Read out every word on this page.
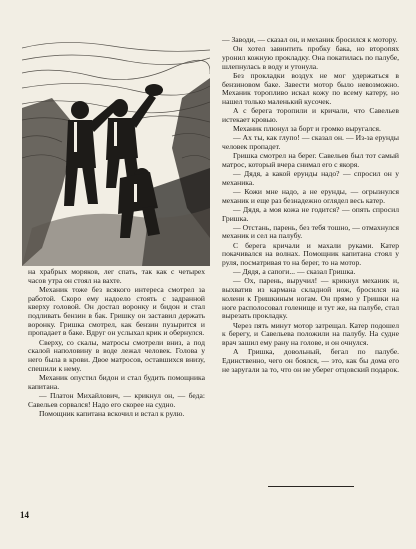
на храбрых моряков, лег спать, так как с четырех часов утра он стоял на вахте.

Механик тоже без всякого интереса смотрел за работой. Скоро ему надоело стоять с задранной кверху головой. Он достал воронку и бидон и стал подливать бензин в бак. Гришку он заставил держать воронку. Гришка смотрел, как бензин пузырится и пропадает в баке. Вдруг он услыхал крик и обернулся.

Сверху, со скалы, матросы смотрели вниз, а под скалой наполовину в воде лежал человек. Голова у него была в крови. Двое матросов, оставшихся внизу, спешили к нему.

Механик опустил бидон и стал будить помощника капитана.

— Платон Михайлович, — крикнул он, — беда: Савельев сорвался! Надо его скорее на судно.

Помощник капитана вскочил и встал к рулю.

— Заводи, — сказал он, и механик бросился к мотору.

Он хотел завинтить пробку бака, но второпях уронил кожную прокладку. Она покатилась по палубе, шлепнулась в воду и утонула.

Без прокладки воздух не мог удержаться в бензиновом баке. Завести мотор было невозможно. Механик торопливо искал кожу по всему катеру, но нашел только маленький кусочек.

А с берега торопили и кричали, что Савельев истекает кровью.

Механик плюнул за борт и громко выругался.

— Ах ты, как глупо! — сказал он. — Из-за ерунды человек пропадет.

Гришка смотрел на берег. Савельев был тот самый матрос, который вчера снимал его с якоря.

— Дядя, а какой ерунды надо? — спросил он у механика.

— Кожи мне надо, а не ерунды, — огрызнулся механик и еще раз безнадежно оглядел весь катер.

— Дядя, а моя кожа не годится? — опять спросил Гришка.

— Отстань, парень, без тебя тошно, — отмахнулся механик и сел на палубу.

С берега кричали и махали руками. Катер покачивался на волнах. Помощник капитана стоял у руля, посматривая то на берег, то на мотор.

— Дядя, а сапоги... — сказал Гришка.

— Ох, парень, выручил! — крикнул механик и, выхватив из кармана складной нож, бросился на колени к Гришкиным ногам. Он прямо у Гришки на ноге располосовал голенище и тут же, на палубе, стал вырезать прокладку.

Через пять минут мотор затрещал. Катер подошел к берегу, и Савельева положили на палубу. На судне врач зашил ему рану на голове, и он очнулся.

А Гришка, довольный, бегал по палубе. Единственно, чего он боялся, — это, как бы дома его не заругали за то, что он не уберег отцовский подарок.

14
